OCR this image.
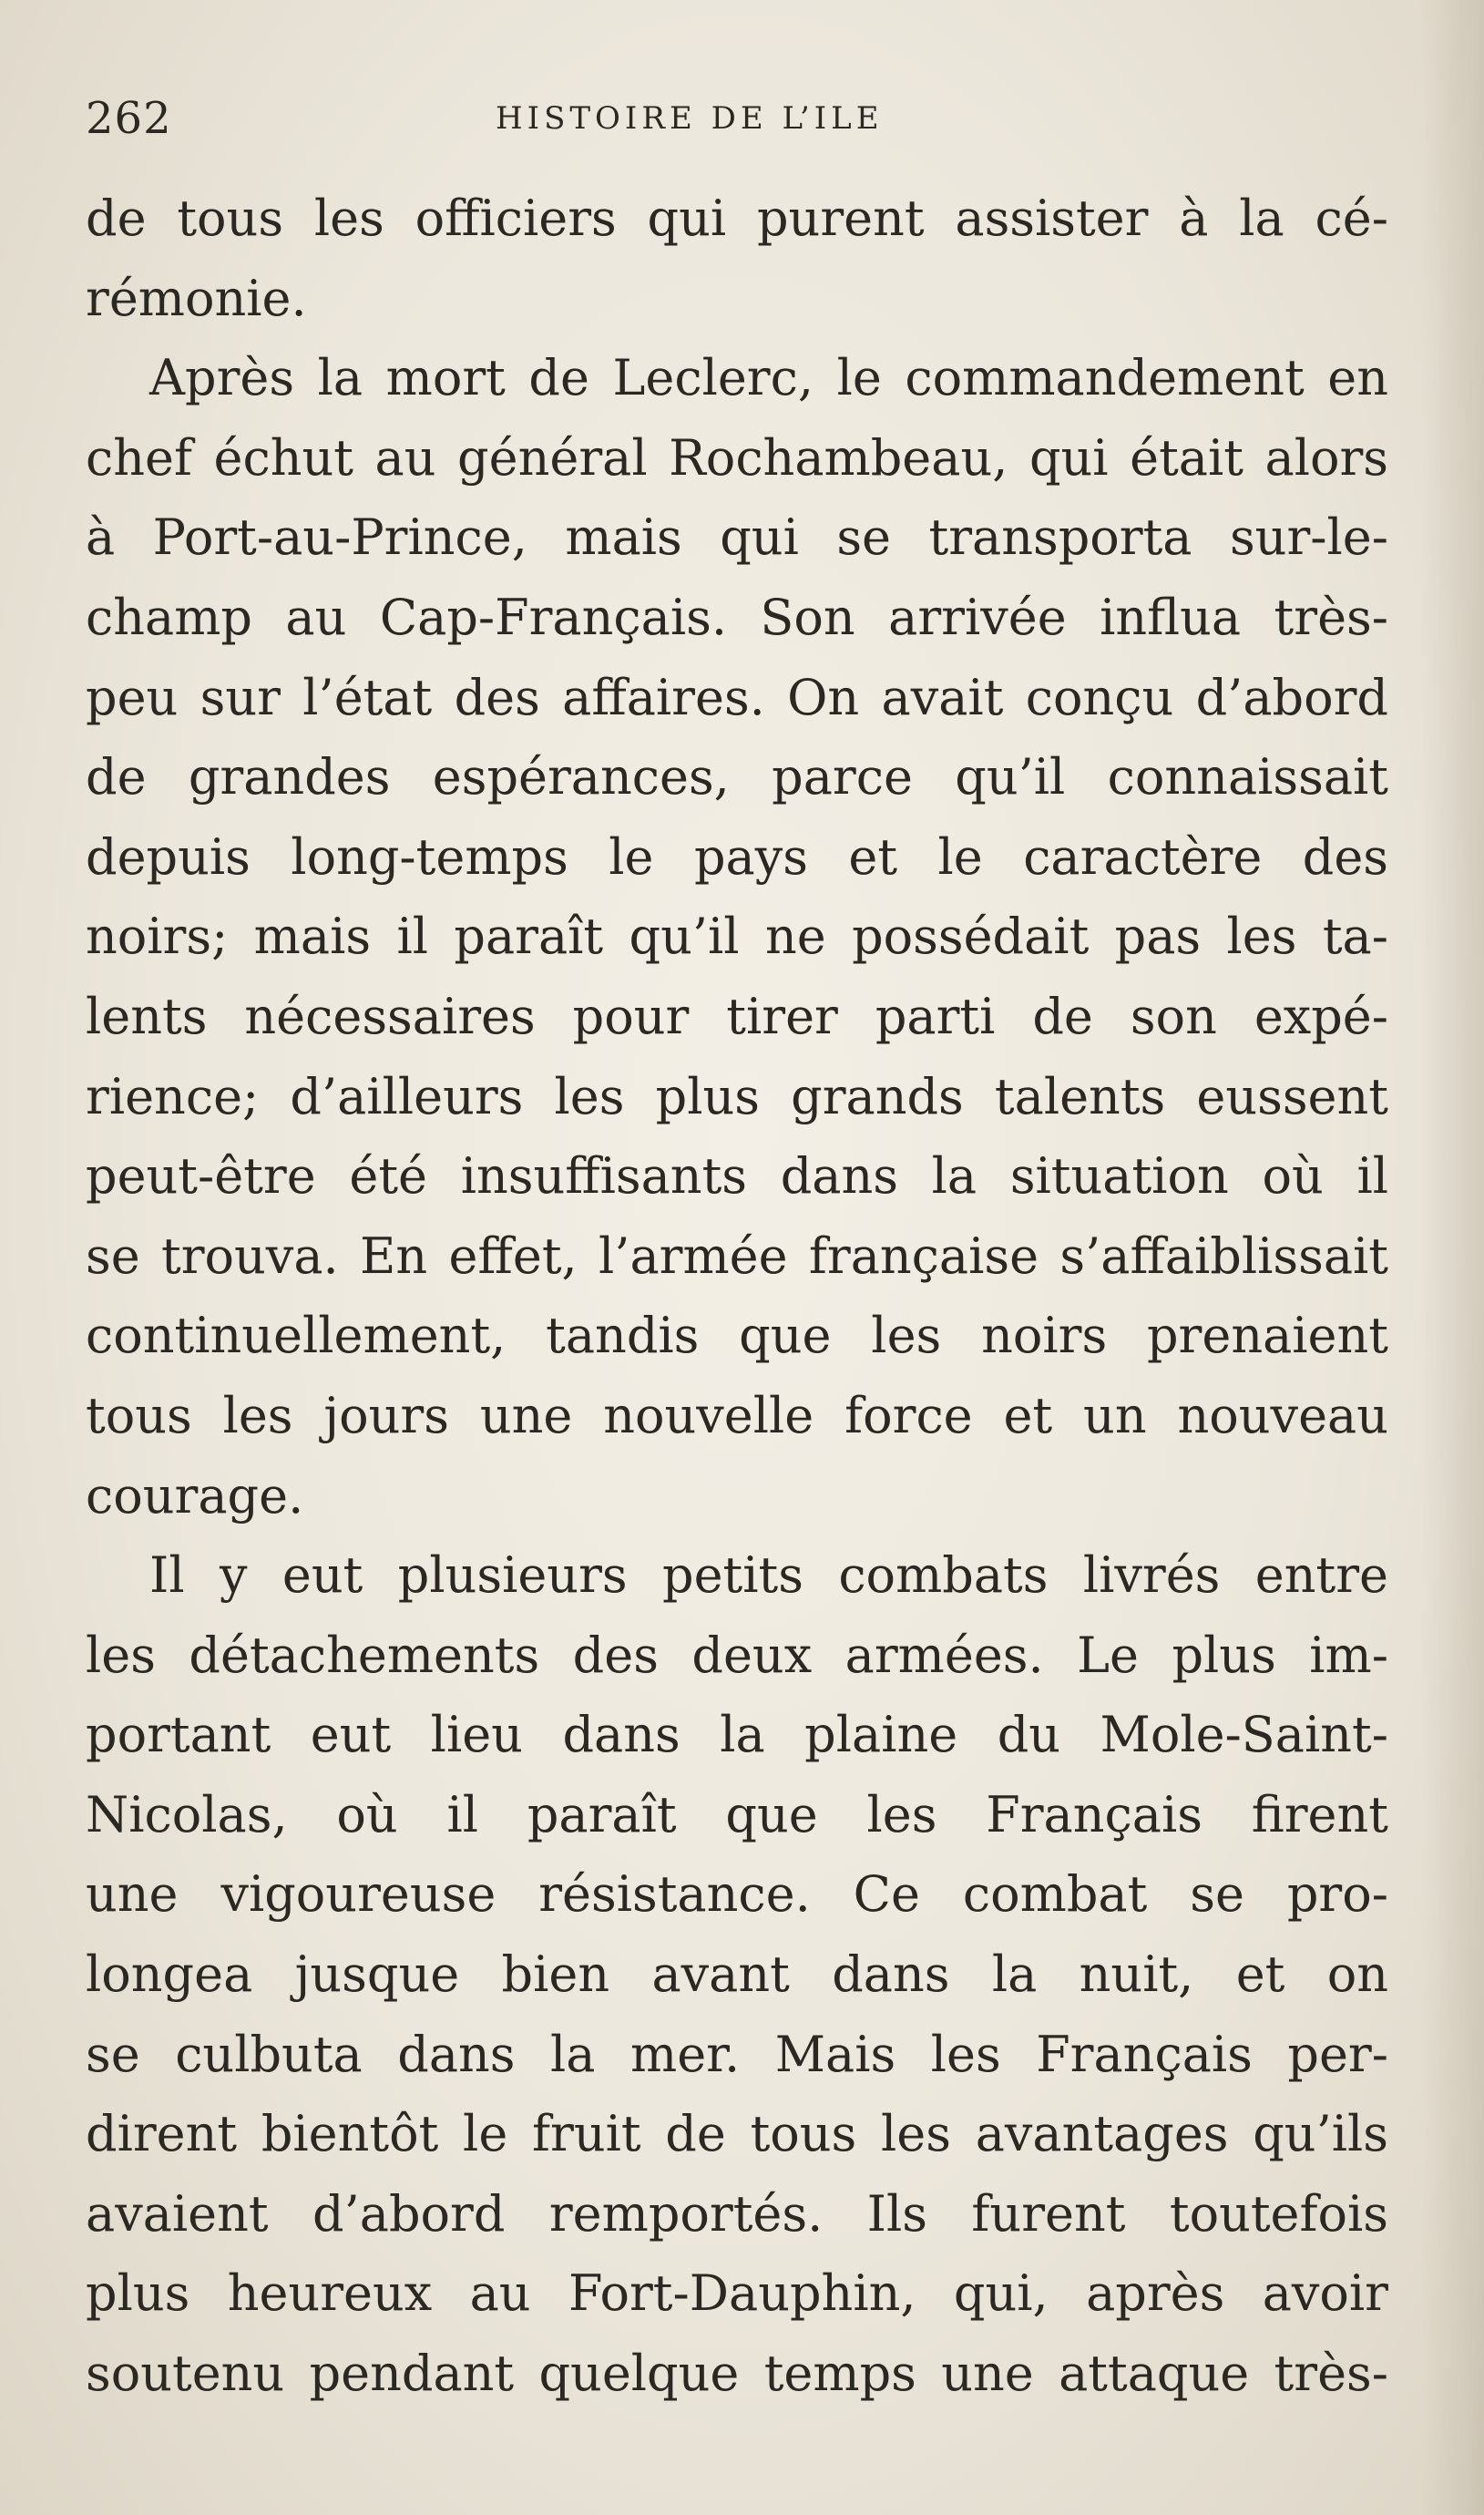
262	HISTOIRE DE L’ILE
de tous les officiers qui purent assister à la cé-
rémonie.
Après la mort de Leclerc, le commandement en
chef échut au général Rochambeau, qui était alors
à Port-au-Prince, mais qui se transporta sur-le-
champ au Cap-Français. Son arrivée influa très-
peu sur l’état des affaires. On avait conçu d’abord
de grandes espérances, parce qu’il connaissait
depuis long-temps le pays et le caractère des
noirs; mais il paraît qu’il ne possédait pas les ta-
lents nécessaires pour tirer parti de son expé-
rience; d’ailleurs les plus grands talents eussent
peut-être été insuffisants dans la situation où il
se trouva. En effet, l’armée française s’affaiblissait
continuellement, tandis que les noirs prenaient
tous les jours une nouvelle force et un nouveau
courage.
Il y eut plusieurs petits combats livrés entre
les détachements des deux armées. Le plus im-
portant eut lieu dans la plaine du Mole-Saint-
Nicolas, où il paraît que les Français firent
une vigoureuse résistance. Ce combat se pro-
longea jusque bien avant dans la nuit, et on
se culbuta dans la mer. Mais les Français per-
dirent bientôt le fruit de tous les avantages qu’ils
avaient d’abord remportés. Ils furent toutefois
plus heureux au Fort-Dauphin, qui, après avoir
soutenu pendant quelque temps une attaque très-
